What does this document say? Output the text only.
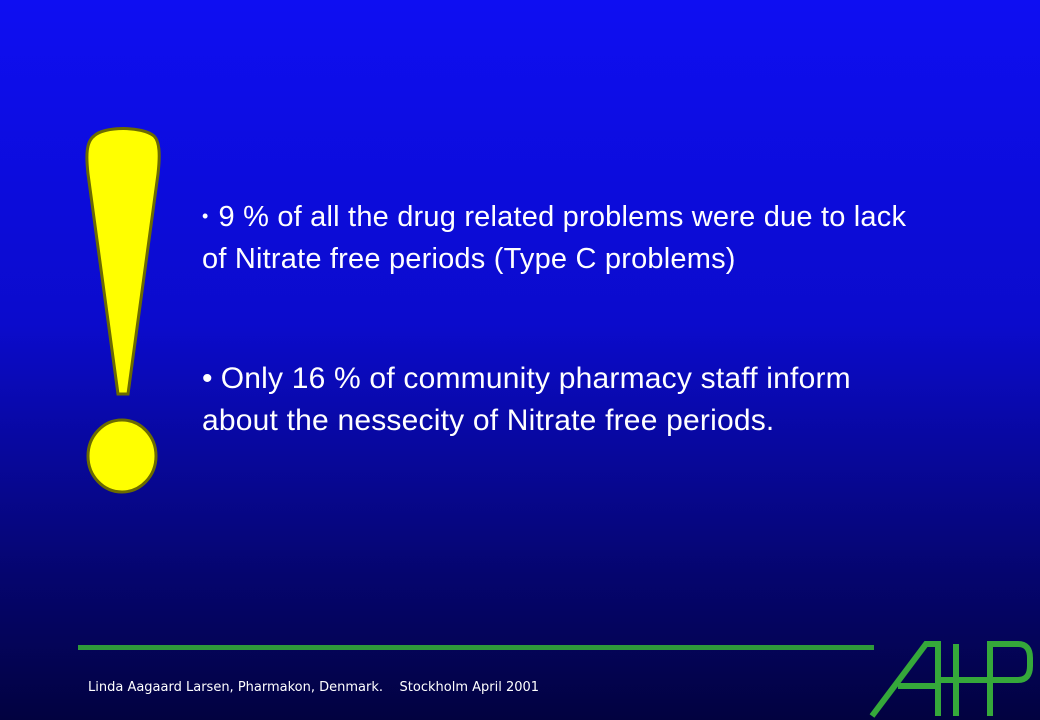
• 9 % of all the drug related problems were due to lack of Nitrate free periods (Type C problems)
• Only 16 % of community pharmacy staff inform about the nessecity of Nitrate free periods.
Linda Aagaard Larsen, Pharmakon, Denmark. Stockholm April 2001
